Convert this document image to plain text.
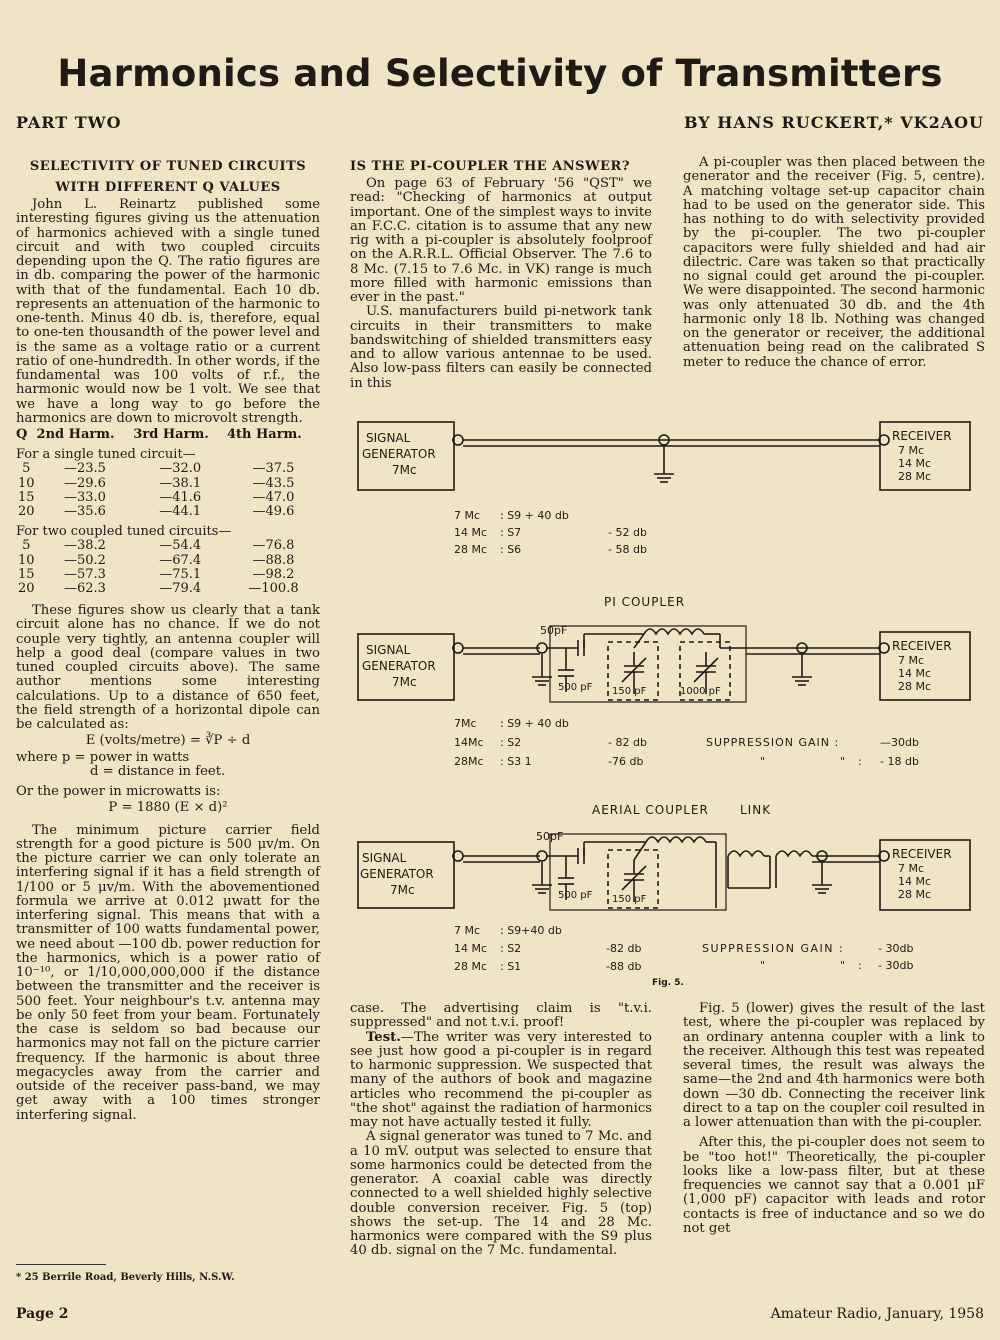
Harmonics and Selectivity of Transmitters
PART TWO	BY HANS RUCKERT,* VK2AOU
SELECTIVITY OF TUNED CIRCUITS
WITH DIFFERENT Q VALUES

John L. Reinartz published some interesting figures giving us the attenuation of harmonics achieved with a single tuned circuit and with two coupled circuits depending upon the Q. The ratio figures are in db. comparing the power of the harmonic with that of the fundamental. Each 10 db. represents an attenuation of the harmonic to one-tenth. Minus 40 db. is, therefore, equal to one-ten thousandth of the power level and is the same as a voltage ratio or a current ratio of one-hundredth. In other words, if the fundamental was 100 volts of r.f., the harmonic would now be 1 volt. We see that we have a long way to go before the harmonics are down to microvolt strength.

Q	2nd Harm.	3rd Harm.	4th Harm.
For a single tuned circuit—			
5	—23.5	—32.0	—37.5
10	—29.6	—38.1	—43.5
15	—33.0	—41.6	—47.0
20	—35.6	—44.1	—49.6
For two coupled tuned circuits—			
5	—38.2	—54.4	—76.8
10	—50.2	—67.4	—88.8
15	—57.3	—75.1	—98.2
20	—62.3	—79.4	—100.8

These figures show us clearly that a tank circuit alone has no chance. If we do not couple very tightly, an antenna coupler will help a good deal (compare values in two tuned coupled circuits above). The same author mentions some interesting calculations. Up to a distance of 650 feet, the field strength of a horizontal dipole can be calculated as:

E (volts/metre) = ∛P ÷ d
where p = power in watts
d = distance in feet.
Or the power in microwatts is:
P = 1880 (E × d)²

The minimum picture carrier field strength for a good picture is 500 μv/m. On the picture carrier we can only tolerate an interfering signal if it has a field strength of 1/100 or 5 μv/m. With the abovementioned formula we arrive at 0.012 μwatt for the interfering signal. This means that with a transmitter of 100 watts fundamental power, we need about —100 db. power reduction for the harmonics, which is a power ratio of 10⁻¹⁰, or 1/10,000,000,000 if the distance between the transmitter and the receiver is 500 feet. Your neighbour's t.v. antenna may be only 50 feet from your beam. Fortunately the case is seldom so bad because our harmonics may not fall on the picture carrier frequency. If the harmonic is about three megacycles away from the carrier and outside of the receiver pass-band, we may get away with a 100 times stronger interfering signal.

IS THE PI-COUPLER THE ANSWER?

On page 63 of February '56 "QST" we read: "Checking of harmonics at output important. One of the simplest ways to invite an F.C.C. citation is to assume that any new rig with a pi-coupler is absolutely foolproof on the A.R.R.L. Official Observer. The 7.6 to 8 Mc. (7.15 to 7.6 Mc. in VK) range is much more filled with harmonic emissions than ever in the past."

U.S. manufacturers build pi-network tank circuits in their transmitters to make bandswitching of shielded transmitters easy and to allow various antennae to be used. Also low-pass filters can easily be connected in this

A pi-coupler was then placed between the generator and the receiver (Fig. 5, centre). A matching voltage set-up capacitor chain had to be used on the generator side. This has nothing to do with selectivity provided by the pi-coupler. The two pi-coupler capacitors were fully shielded and had air dilectric. Care was taken so that practically no signal could get around the pi-coupler. We were disappointed. The second harmonic was only attenuated 30 db. and the 4th harmonic only 18 lb. Nothing was changed on the generator or receiver, the additional attenuation being read on the calibrated S meter to reduce the chance of error.

SIGNAL
GENERATOR
7Mc
RECEIVER
7 Mc
14 Mc
28 Mc
7 Mc : S9 + 40 db
14 Mc : S7	- 52 db
28 Mc : S6	- 58 db
PI COUPLER
SIGNAL
GENERATOR
7Mc
50pF
500 pF 150 pF	1000 pF
RECEIVER
7 Mc
14 Mc
28 Mc
7Mc : S9 + 40 db
14Mc : S2	- 82 db
28Mc : S3 1	-76 db
SUPPRESSION GAIN :	—30db
"	" : - 18 db
AERIAL COUPLER	LINK
SIGNAL
GENERATOR
7Mc
50pF
500 pF 150 pF
RECEIVER
7 Mc
14 Mc
28 Mc
7 Mc : S9+40 db
14 Mc : S2	-82 db
28 Mc : S1	-88 db
SUPPRESSION GAIN :	- 30db
"	" : - 30db
Fig. 5.
case. The advertising claim is "t.v.i. suppressed" and not t.v.i. proof!

Test.—The writer was very interested to see just how good a pi-coupler is in regard to harmonic suppression. We suspected that many of the authors of book and magazine articles who recommend the pi-coupler as "the shot" against the radiation of harmonics may not have actually tested it fully.

A signal generator was tuned to 7 Mc. and a 10 mV. output was selected to ensure that some harmonics could be detected from the generator. A coaxial cable was directly connected to a well shielded highly selective double conversion receiver. Fig. 5 (top) shows the set-up. The 14 and 28 Mc. harmonics were compared with the S9 plus 40 db. signal on the 7 Mc. fundamental.

Fig. 5 (lower) gives the result of the last test, where the pi-coupler was replaced by an ordinary antenna coupler with a link to the receiver. Although this test was repeated several times, the result was always the same—the 2nd and 4th harmonics were both down —30 db. Connecting the receiver link direct to a tap on the coupler coil resulted in a lower attenuation than with the pi-coupler.

After this, the pi-coupler does not seem to be "too hot!" Theoretically, the pi-coupler looks like a low-pass filter, but at these frequencies we cannot say that a 0.001 μF (1,000 pF) capacitor with leads and rotor contacts is free of inductance and so we do not get

* 25 Berrile Road, Beverly Hills, N.S.W.
Page 2	Amateur Radio, January, 1958
